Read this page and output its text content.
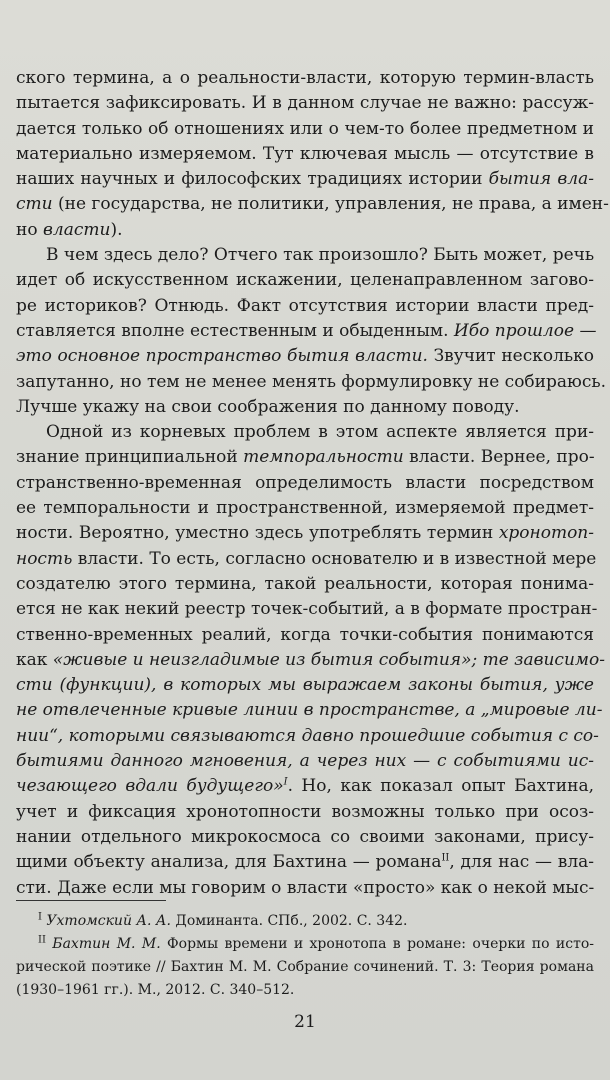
ского термина, а о реальности-власти, которую термин-власть
пытается зафиксировать. И в данном случае не важно: рассуж-
дается только об отношениях или о чем-то более предметном и
материально измеряемом. Тут ключевая мысль — отсутствие в
наших научных и философских традициях истории бытия вла-
сти (не государства, не политики, управления, не права, а имен-
но власти).
В чем здесь дело? Отчего так произошло? Быть может, речь
идет об искусственном искажении, целенаправленном загово-
ре историков? Отнюдь. Факт отсутствия истории власти пред-
ставляется вполне естественным и обыденным. Ибо прошлое —
это основное пространство бытия власти. Звучит несколько
запутанно, но тем не менее менять формулировку не собираюсь.
Лучше укажу на свои соображения по данному поводу.
Одной из корневых проблем в этом аспекте является при-
знание принципиальной темпоральности власти. Вернее, про-
странственно-временная определимость власти посредством
ее темпоральности и пространственной, измеряемой предмет-
ности. Вероятно, уместно здесь употреблять термин хронотоп-
ность власти. То есть, согласно основателю и в известной мере
создателю этого термина, такой реальности, которая понима-
ется не как некий реестр точек-событий, а в формате простран-
ственно-временных реалий, когда точки-события понимаются
как «живые и неизгладимые из бытия события»; те зависимо-
сти (функции), в которых мы выражаем законы бытия, уже
не отвлеченные кривые линии в пространстве, а „мировые ли-
нии“, которыми связываются давно прошедшие события с со-
бытиями данного мгновения, а через них — с событиями ис-
чезающего вдали будущего»$^I$. Но, как показал опыт Бахтина,
учет и фиксация хронотопности возможны только при осоз-
нании отдельного микрокосмоса со своими законами, прису-
щими объекту анализа, для Бахтина — романа$^{II}$, для нас — вла-
сти. Даже если мы говорим о власти «просто» как о некой мыс-
$^I$ Ухтомский А. А. Доминанта. СПб., 2002. С. 342.
$^{II}$ Бахтин М. М. Формы времени и хронотопа в романе: очерки по исто-
рической поэтике // Бахтин М. М. Собрание сочинений. Т. 3: Теория романа
(1930–1961 гг.). М., 2012. С. 340–512.
21
